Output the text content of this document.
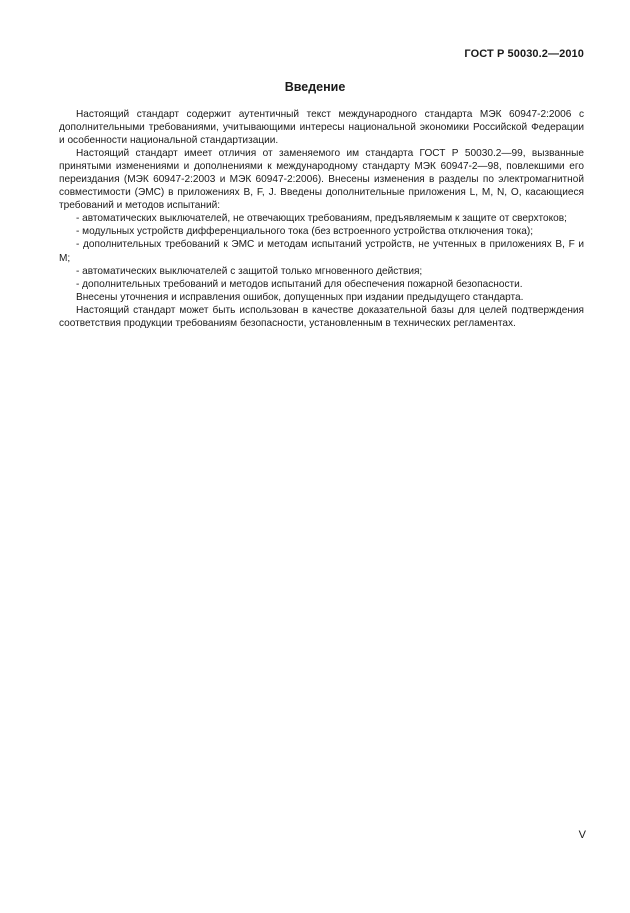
ГОСТ Р 50030.2—2010
Введение

Настоящий стандарт содержит аутентичный текст международного стандарта МЭК 60947-2:2006 с дополнительными требованиями, учитывающими интересы национальной экономики Российской Федерации и особенности национальной стандартизации.

Настоящий стандарт имеет отличия от заменяемого им стандарта ГОСТ Р 50030.2—99, вызванные принятыми изменениями и дополнениями к международному стандарту МЭК 60947-2—98, повлекшими его переиздания (МЭК 60947-2:2003 и МЭК 60947-2:2006). Внесены изменения в разделы по электромагнитной совместимости (ЭМС) в приложениях B, F, J. Введены дополнительные приложения L, M, N, O, касающиеся требований и методов испытаний:

- автоматических выключателей, не отвечающих требованиям, предъявляемым к защите от сверхтоков;

- модульных устройств дифференциального тока (без встроенного устройства отключения тока);

- дополнительных требований к ЭМС и методам испытаний устройств, не учтенных в приложениях B, F и M;

- автоматических выключателей с защитой только мгновенного действия;

- дополнительных требований и методов испытаний для обеспечения пожарной безопасности.

Внесены уточнения и исправления ошибок, допущенных при издании предыдущего стандарта.

Настоящий стандарт может быть использован в качестве доказательной базы для целей подтверждения соответствия продукции требованиям безопасности, установленным в технических регламентах.

V
